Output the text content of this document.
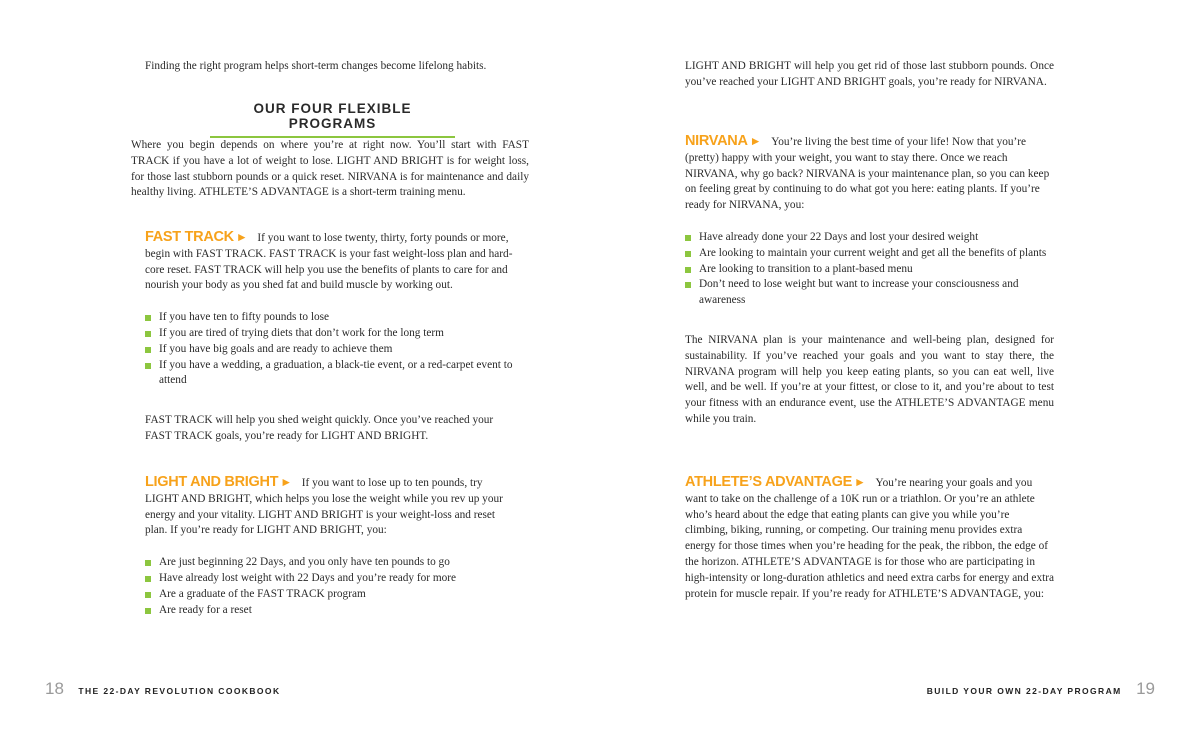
Finding the right program helps short-term changes become lifelong habits.

OUR FOUR FLEXIBLE PROGRAMS

Where you begin depends on where you’re at right now. You’ll start with FAST TRACK if you have a lot of weight to lose. LIGHT AND BRIGHT is for weight loss, for those last stubborn pounds or a quick reset. NIRVANA is for maintenance and daily healthy living. ATHLETE’S ADVANTAGE is a short-term training menu.

FAST TRACK ► If you want to lose twenty, thirty, forty pounds or more, begin with FAST TRACK. FAST TRACK is your fast weight-loss plan and hard-core reset. FAST TRACK will help you use the benefits of plants to care for and nourish your body as you shed fat and build muscle by working out.

If you have ten to fifty pounds to lose
If you are tired of trying diets that don’t work for the long term
If you have big goals and are ready to achieve them
If you have a wedding, a graduation, a black-tie event, or a red-carpet event to attend

FAST TRACK will help you shed weight quickly. Once you’ve reached your FAST TRACK goals, you’re ready for LIGHT AND BRIGHT.

LIGHT AND BRIGHT ► If you want to lose up to ten pounds, try LIGHT AND BRIGHT, which helps you lose the weight while you rev up your energy and your vitality. LIGHT AND BRIGHT is your weight-loss and reset plan. If you’re ready for LIGHT AND BRIGHT, you:

Are just beginning 22 Days, and you only have ten pounds to go
Have already lost weight with 22 Days and you’re ready for more
Are a graduate of the FAST TRACK program
Are ready for a reset
18 THE 22-DAY REVOLUTION COOKBOOK

LIGHT AND BRIGHT will help you get rid of those last stubborn pounds. Once you’ve reached your LIGHT AND BRIGHT goals, you’re ready for NIRVANA.

NIRVANA ► You’re living the best time of your life! Now that you’re (pretty) happy with your weight, you want to stay there. Once we reach NIRVANA, why go back? NIRVANA is your maintenance plan, so you can keep on feeling great by continuing to do what got you here: eating plants. If you’re ready for NIRVANA, you:

Have already done your 22 Days and lost your desired weight
Are looking to maintain your current weight and get all the benefits of plants
Are looking to transition to a plant-based menu
Don’t need to lose weight but want to increase your consciousness and awareness

The NIRVANA plan is your maintenance and well-being plan, designed for sustainability. If you’ve reached your goals and you want to stay there, the NIRVANA program will help you keep eating plants, so you can eat well, live well, and be well. If you’re at your fittest, or close to it, and you’re about to test your fitness with an endurance event, use the ATHLETE’S ADVANTAGE menu while you train.

ATHLETE’S ADVANTAGE ► You’re nearing your goals and you want to take on the challenge of a 10K run or a triathlon. Or you’re an athlete who’s heard about the edge that eating plants can give you while you’re climbing, biking, running, or competing. Our training menu provides extra energy for those times when you’re heading for the peak, the ribbon, the edge of the horizon. ATHLETE’S ADVANTAGE is for those who are participating in high-intensity or long-duration athletics and need extra carbs for energy and extra protein for muscle repair. If you’re ready for ATHLETE’S ADVANTAGE, you:

BUILD YOUR OWN 22-DAY PROGRAM 19
